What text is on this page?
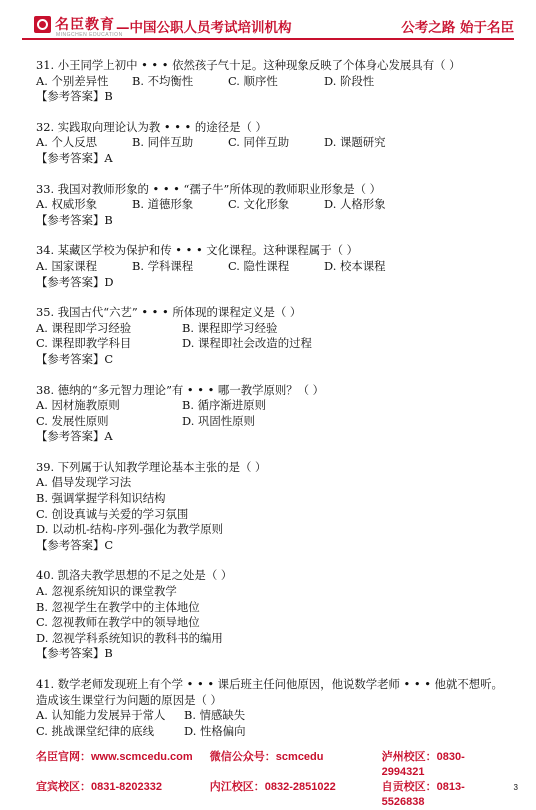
名臣教育
MINGCHEN EDUCATION
—中国公职人员考试培训机构	公考之路 始于名臣

31. 小王同学上初中 • • • 依然孩子气十足。这种现象反映了个体身心发展具有（ ）

A. 个别差异性	B. 不均衡性	C. 顺序性	D. 阶段性

【参考答案】B

32. 实践取向理论认为教 • • • 的途径是（ ）

A. 个人反思	B. 同伴互助	C. 同伴互助	D. 课题研究

【参考答案】A

33. 我国对教师形象的 • • • “孺子牛”所体现的教师职业形象是（ ）

A. 权威形象	B. 道德形象	C. 文化形象	D. 人格形象

【参考答案】B

34. 某藏区学校为保护和传 • • • 文化课程。这种课程属于（ ）

A. 国家课程	B. 学科课程	C. 隐性课程	D. 校本课程

【参考答案】D

35. 我国古代“六艺” • • • 所体现的课程定义是（ ）

A. 课程即学习经验	B. 课程即学习经验
C. 课程即教学科目	D. 课程即社会改造的过程

【参考答案】C

38. 德纳的“多元智力理论”有 • • • 哪一教学原则？（ ）

A. 因材施教原则	B. 循序渐进原则
C. 发展性原则	D. 巩固性原则

【参考答案】A

39. 下列属于认知教学理论基本主张的是（ ）

A. 倡导发现学习法

B. 强调掌握学科知识结构

C. 创设真诚与关爱的学习氛围

D. 以动机-结构-序列-强化为教学原则

【参考答案】C

40. 凯洛夫教学思想的不足之处是（ ）

A. 忽视系统知识的课堂教学

B. 忽视学生在教学中的主体地位

C. 忽视教师在教学中的领导地位

D. 忽视学科系统知识的教科书的编用

【参考答案】B

41. 数学老师发现班上有个学 • • • 课后班主任问他原因，他说数学老师 • • • 他就不想听。

造成该生课堂行为问题的原因是（ ）

A. 认知能力发展异于常人	B. 情感缺失
C. 挑战课堂纪律的底线	D. 性格偏向
名臣官网：www.scmcedu.com	微信公众号：scmcedu	泸州校区：0830-2994321
宜宾校区：0831-8202332	内江校区：0832-2851022	自贡校区：0813-5526838
3
